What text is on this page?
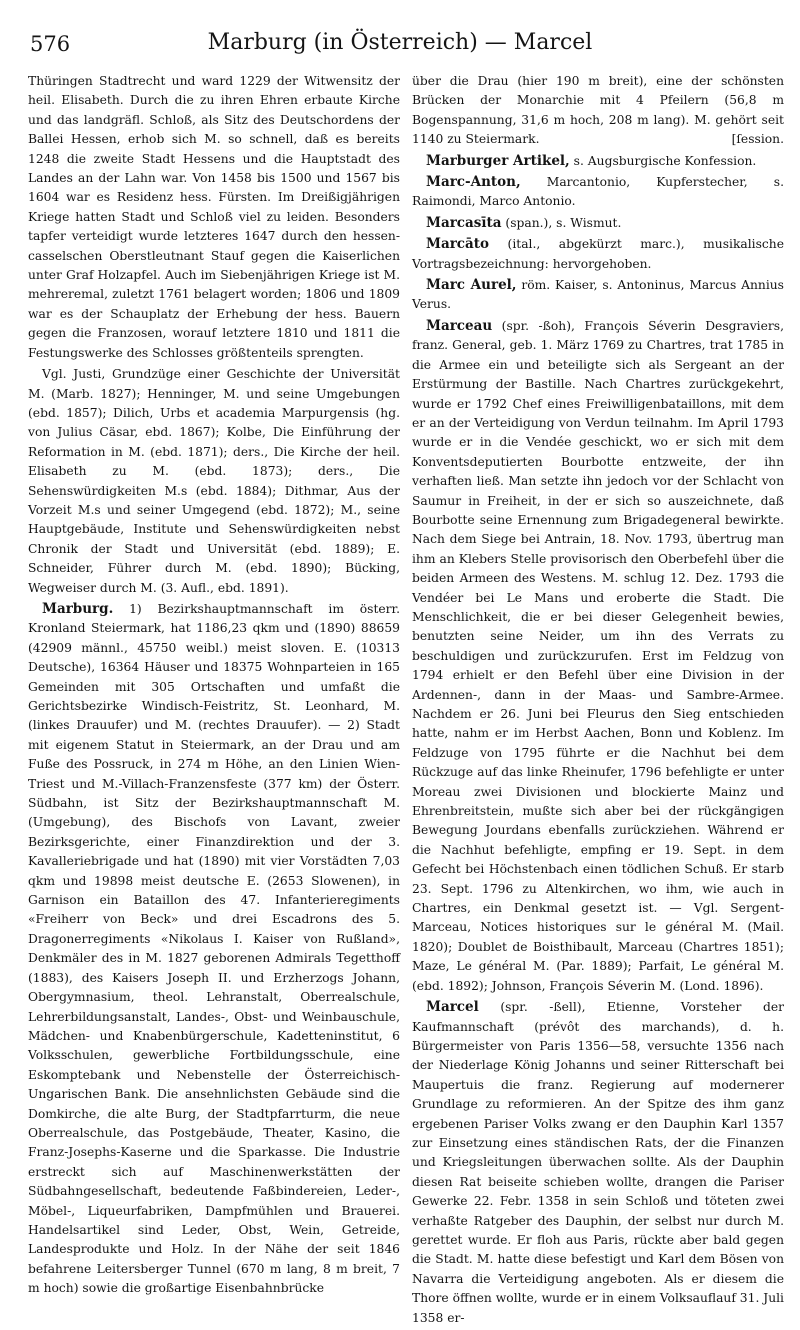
576	Marburg (in Österreich) — Marcel

Thüringen Stadtrecht und ward 1229 der Witwensitz der heil. Elisabeth. Durch die zu ihren Ehren erbaute Kirche und das landgräfl. Schloß, als Sitz des Deutschordens der Ballei Hessen, erhob sich M. so schnell, daß es bereits 1248 die zweite Stadt Hessens und die Hauptstadt des Landes an der Lahn war. Von 1458 bis 1500 und 1567 bis 1604 war es Residenz hess. Fürsten. Im Dreißigjährigen Kriege hatten Stadt und Schloß viel zu leiden. Besonders tapfer verteidigt wurde letzteres 1647 durch den hessen-casselschen Oberstleutnant Stauf gegen die Kaiserlichen unter Graf Holzapfel. Auch im Siebenjährigen Kriege ist M. mehreremal, zuletzt 1761 belagert worden; 1806 und 1809 war es der Schauplatz der Erhebung der hess. Bauern gegen die Franzosen, worauf letztere 1810 und 1811 die Festungswerke des Schlosses größtenteils sprengten.

Vgl. Justi, Grundzüge einer Geschichte der Universität M. (Marb. 1827); Henninger, M. und seine Umgebungen (ebd. 1857); Dilich, Urbs et academia Marpurgensis (hg. von Julius Cäsar, ebd. 1867); Kolbe, Die Einführung der Reformation in M. (ebd. 1871); ders., Die Kirche der heil. Elisabeth zu M. (ebd. 1873); ders., Die Sehenswürdigkeiten M.s (ebd. 1884); Dithmar, Aus der Vorzeit M.s und seiner Umgegend (ebd. 1872); M., seine Hauptgebäude, Institute und Sehenswürdigkeiten nebst Chronik der Stadt und Universität (ebd. 1889); E. Schneider, Führer durch M. (ebd. 1890); Bücking, Wegweiser durch M. (3. Aufl., ebd. 1891).

Marburg. 1) Bezirkshauptmannschaft im österr. Kronland Steiermark, hat 1186,23 qkm und (1890) 88659 (42909 männl., 45750 weibl.) meist sloven. E. (10313 Deutsche), 16364 Häuser und 18375 Wohnparteien in 165 Gemeinden mit 305 Ortschaften und umfaßt die Gerichtsbezirke Windisch-Feistritz, St. Leonhard, M. (linkes Drauufer) und M. (rechtes Drauufer). — 2) Stadt mit eigenem Statut in Steiermark, an der Drau und am Fuße des Possruck, in 274 m Höhe, an den Linien Wien-Triest und M.-Villach-Franzensfeste (377 km) der Österr. Südbahn, ist Sitz der Bezirkshauptmannschaft M. (Umgebung), des Bischofs von Lavant, zweier Bezirksgerichte, einer Finanzdirektion und der 3. Kavalleriebrigade und hat (1890) mit vier Vorstädten 7,03 qkm und 19898 meist deutsche E. (2653 Slowenen), in Garnison ein Bataillon des 47. Infanterieregiments «Freiherr von Beck» und drei Escadrons des 5. Dragonerregiments «Nikolaus I. Kaiser von Rußland», Denkmäler des in M. 1827 geborenen Admirals Tegetthoff (1883), des Kaisers Joseph II. und Erzherzogs Johann, Obergymnasium, theol. Lehranstalt, Oberrealschule, Lehrerbildungsanstalt, Landes-, Obst- und Weinbauschule, Mädchen- und Knabenbürgerschule, Kadetteninstitut, 6 Volksschulen, gewerbliche Fortbildungsschule, eine Eskomptebank und Nebenstelle der Österreichisch-Ungarischen Bank. Die ansehnlichsten Gebäude sind die Domkirche, die alte Burg, der Stadtpfarrturm, die neue Oberrealschule, das Postgebäude, Theater, Kasino, die Franz-Josephs-Kaserne und die Sparkasse. Die Industrie erstreckt sich auf Maschinenwerkstätten der Südbahngesellschaft, bedeutende Faßbindereien, Leder-, Möbel-, Liqueurfabriken, Dampfmühlen und Brauerei. Handelsartikel sind Leder, Obst, Wein, Getreide, Landesprodukte und Holz. In der Nähe der seit 1846 befahrene Leitersberger Tunnel (670 m lang, 8 m breit, 7 m hoch) sowie die großartige Eisenbahnbrücke

über die Drau (hier 190 m breit), eine der schönsten Brücken der Monarchie mit 4 Pfeilern (56,8 m Bogenspannung, 31,6 m hoch, 208 m lang). M. gehört seit 1140 zu Steiermark.	[ſession.

Marburger Artikel, s. Augsburgische Konfession.

Marc-Anton, Marcantonio, Kupferstecher, s. Raimondi, Marco Antonio.

Marcasīta (span.), s. Wismut.

Marcāto (ital., abgekürzt marc.), musikalische Vortragsbezeichnung: hervorgehoben.

Marc Aurel, röm. Kaiser, s. Antoninus, Marcus Annius Verus.

Marceau (spr. -ßoh), François Séverin Desgraviers, franz. General, geb. 1. März 1769 zu Chartres, trat 1785 in die Armee ein und beteiligte sich als Sergeant an der Erstürmung der Bastille. Nach Chartres zurückgekehrt, wurde er 1792 Chef eines Freiwilligenbataillons, mit dem er an der Verteidigung von Verdun teilnahm. Im April 1793 wurde er in die Vendée geschickt, wo er sich mit dem Konventsdeputierten Bourbotte entzweite, der ihn verhaften ließ. Man setzte ihn jedoch vor der Schlacht von Saumur in Freiheit, in der er sich so auszeichnete, daß Bourbotte seine Ernennung zum Brigadegeneral bewirkte. Nach dem Siege bei Antrain, 18. Nov. 1793, übertrug man ihm an Klebers Stelle provisorisch den Oberbefehl über die beiden Armeen des Westens. M. schlug 12. Dez. 1793 die Vendéer bei Le Mans und eroberte die Stadt. Die Menschlichkeit, die er bei dieser Gelegenheit bewies, benutzten seine Neider, um ihn des Verrats zu beschuldigen und zurückzurufen. Erst im Feldzug von 1794 erhielt er den Befehl über eine Division in der Ardennen-, dann in der Maas- und Sambre-Armee. Nachdem er 26. Juni bei Fleurus den Sieg entschieden hatte, nahm er im Herbst Aachen, Bonn und Koblenz. Im Feldzuge von 1795 führte er die Nachhut bei dem Rückzuge auf das linke Rheinufer, 1796 befehligte er unter Moreau zwei Divisionen und blockierte Mainz und Ehrenbreitstein, mußte sich aber bei der rückgängigen Bewegung Jourdans ebenfalls zurückziehen. Während er die Nachhut befehligte, empfing er 19. Sept. in dem Gefecht bei Höchstenbach einen tödlichen Schuß. Er starb 23. Sept. 1796 zu Altenkirchen, wo ihm, wie auch in Chartres, ein Denkmal gesetzt ist. — Vgl. Sergent-Marceau, Notices historiques sur le général M. (Mail. 1820); Doublet de Boisthibault, Marceau (Chartres 1851); Maze, Le général M. (Par. 1889); Parfait, Le général M. (ebd. 1892); Johnson, François Séverin M. (Lond. 1896).

Marcel (spr. -ßell), Etienne, Vorsteher der Kaufmannschaft (prévôt des marchands), d. h. Bürgermeister von Paris 1356—58, versuchte 1356 nach der Niederlage König Johanns und seiner Ritterschaft bei Maupertuis die franz. Regierung auf modernerer Grundlage zu reformieren. An der Spitze des ihm ganz ergebenen Pariser Volks zwang er den Dauphin Karl 1357 zur Einsetzung eines ständischen Rats, der die Finanzen und Kriegsleitungen überwachen sollte. Als der Dauphin diesen Rat beiseite schieben wollte, drangen die Pariser Gewerke 22. Febr. 1358 in sein Schloß und töteten zwei verhaßte Ratgeber des Dauphin, der selbst nur durch M. gerettet wurde. Er floh aus Paris, rückte aber bald gegen die Stadt. M. hatte diese befestigt und Karl dem Bösen von Navarra die Verteidigung angeboten. Als er diesem die Thore öffnen wollte, wurde er in einem Volksauflauf 31. Juli 1358 er-
